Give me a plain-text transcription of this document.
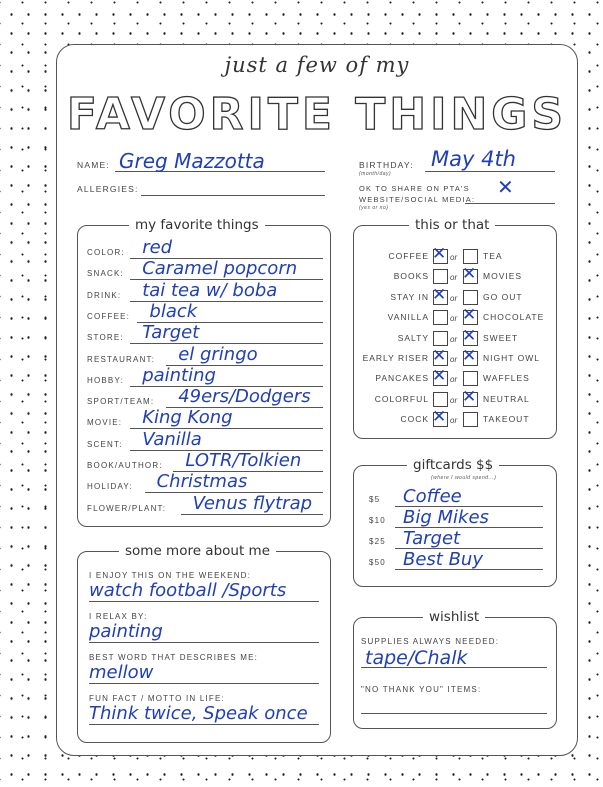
just a few of my
FAVORITE THINGS
NAME: Greg Mazzotta
ALLERGIES:
BIRTHDAY:
(month/day)
May 4th
OK TO SHARE ON PTA'S
WEBSITE/SOCIAL MEDIA:
(yes or no)
✕
my favorite things
COLOR: red
SNACK: Caramel popcorn
DRINK: tai tea w/ boba
COFFEE: black
STORE: Target
RESTAURANT: el gringo
HOBBY: painting
SPORT/TEAM: 49ers/Dodgers
MOVIE: King Kong
SCENT: Vanilla
BOOK/AUTHOR: LOTR/Tolkien
HOLIDAY: Christmas
FLOWER/PLANT: Venus flytrap
this or that
COFFEE ✕ or	TEA
BOOKS	or ✕ MOVIES
STAY IN ✕ or	GO OUT
VANILLA	or ✕ CHOCOLATE
SALTY	or ✕ SWEET
EARLY RISER ✕ or ✕ NIGHT OWL
PANCAKES ✕ or	WAFFLES
COLORFUL	or ✕ NEUTRAL
COCK ✕ or	TAKEOUT
giftcards $$
(where I would spend...)
$5 Coffee
$10 Big Mikes
$25 Target
$50 Best Buy
some more about me
I ENJOY THIS ON THE WEEKEND:
watch football /Sports
I RELAX BY:
painting
BEST WORD THAT DESCRIBES ME:
mellow
FUN FACT / MOTTO IN LIFE:
Think twice, Speak once
wishlist
SUPPLIES ALWAYS NEEDED:
tape/Chalk
"NO THANK YOU" ITEMS:
